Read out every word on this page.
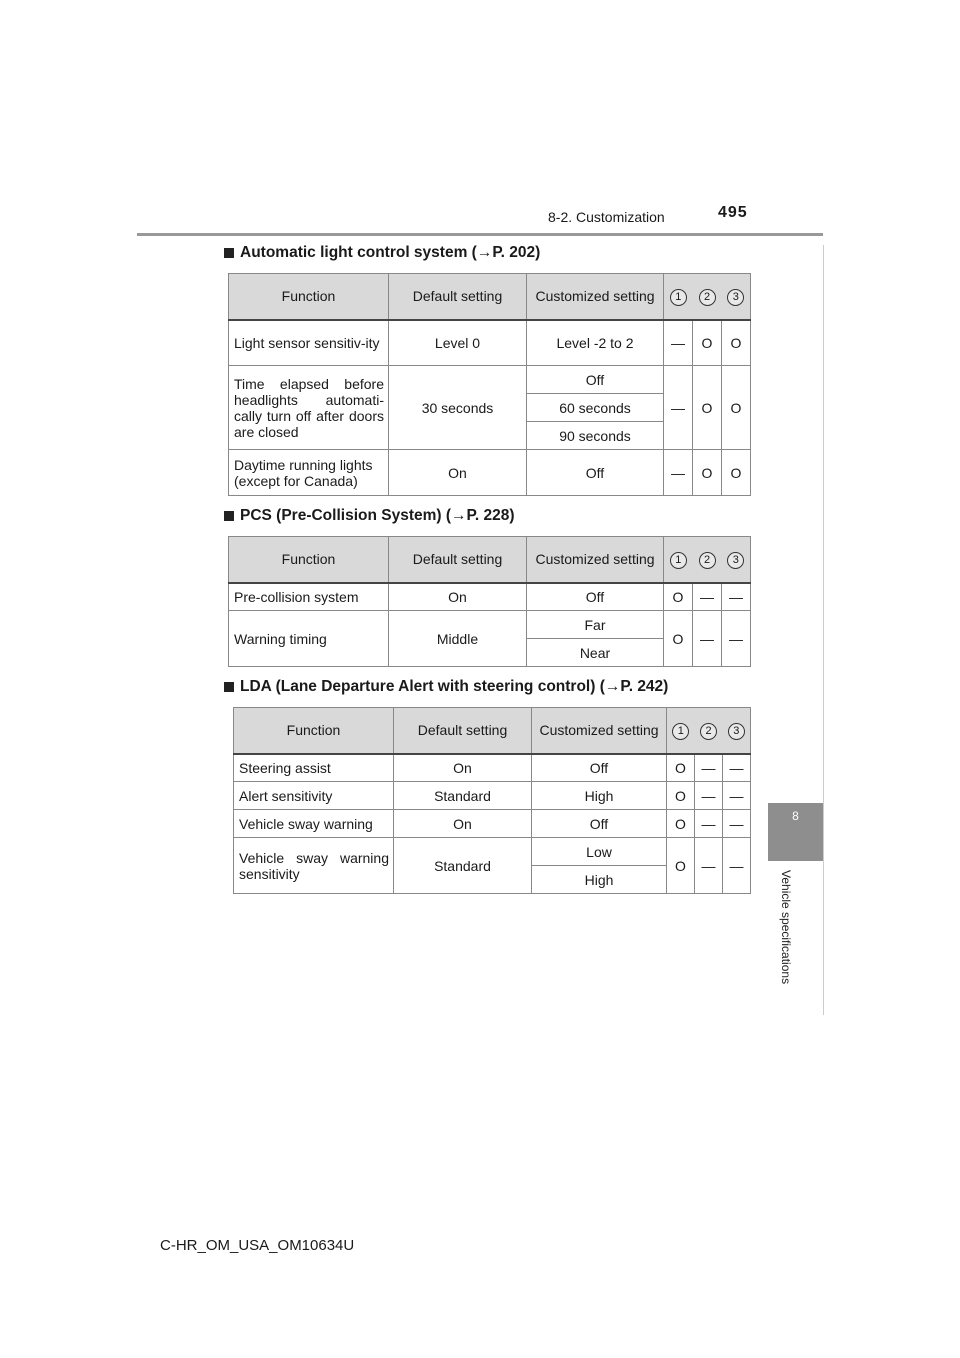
8-2. Customization	495
8
Vehicle specifications
Automatic light control system (→P. 202)
Function	Default setting	Customized setting	1	2	3
Light sensor sensitiv-ity	Level 0	Level -2 to 2	—	O	O
Time elapsed before headlights automati-cally turn off after doors are closed	30 seconds	Off	—	O	O
		60 seconds			
		90 seconds			
Daytime running lights (except for Canada)	On	Off	—	O	O
PCS (Pre-Collision System) (→P. 228)
Function	Default setting	Customized setting	1	2	3
Pre-collision system	On	Off	O	—	—
Warning timing	Middle	Far	O	—	—
		Near			
LDA (Lane Departure Alert with steering control) (→P. 242)
Function	Default setting	Customized setting	1	2	3
Steering assist	On	Off	O	—	—
Alert sensitivity	Standard	High	O	—	—
Vehicle sway warning	On	Off	O	—	—
Vehicle sway warning sensitivity	Standard	Low	O	—	—
		High			
C-HR_OM_USA_OM10634U
